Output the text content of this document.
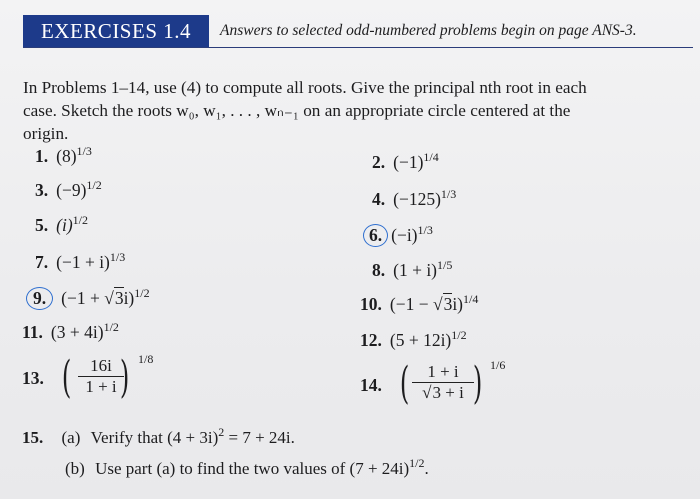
EXERCISES 1.4 Answers to selected odd-numbered problems begin on page ANS-3.

In Problems 1–14, use (4) to compute all roots. Give the principal nth root in each
case. Sketch the roots w₀, w₁, . . . , wₙ₋₁ on an appropriate circle centered at the
origin.

1. $(8)^{1/3}$
3. $(-9)^{1/2}$
5. $(i)^{1/2}$
7. $(-1 + i)^{1/3}$
9. $(-1 + √3i)^{1/2}$
11. $(3 + 4i)^{1/2}$
13. ( $\frac{16i}{1 + i}$
) 1/8
2. $(-1)^{1/4}$
4. $(-125)^{1/3}$
6. $(-i)^{1/3}$
8. $(1 + i)^{1/5}$
10. $(-1 - √3i)^{1/4}$
12. $(5 + 12i)^{1/2}$
14. ( $\frac{1 + i}{√3 + i}$
) 1/6
15. (a) Verify that $(4 + 3i)^2 = 7 + 24i$.
(b) Use part (a) to find the two values of $(7 + 24i)^{1/2}$.
